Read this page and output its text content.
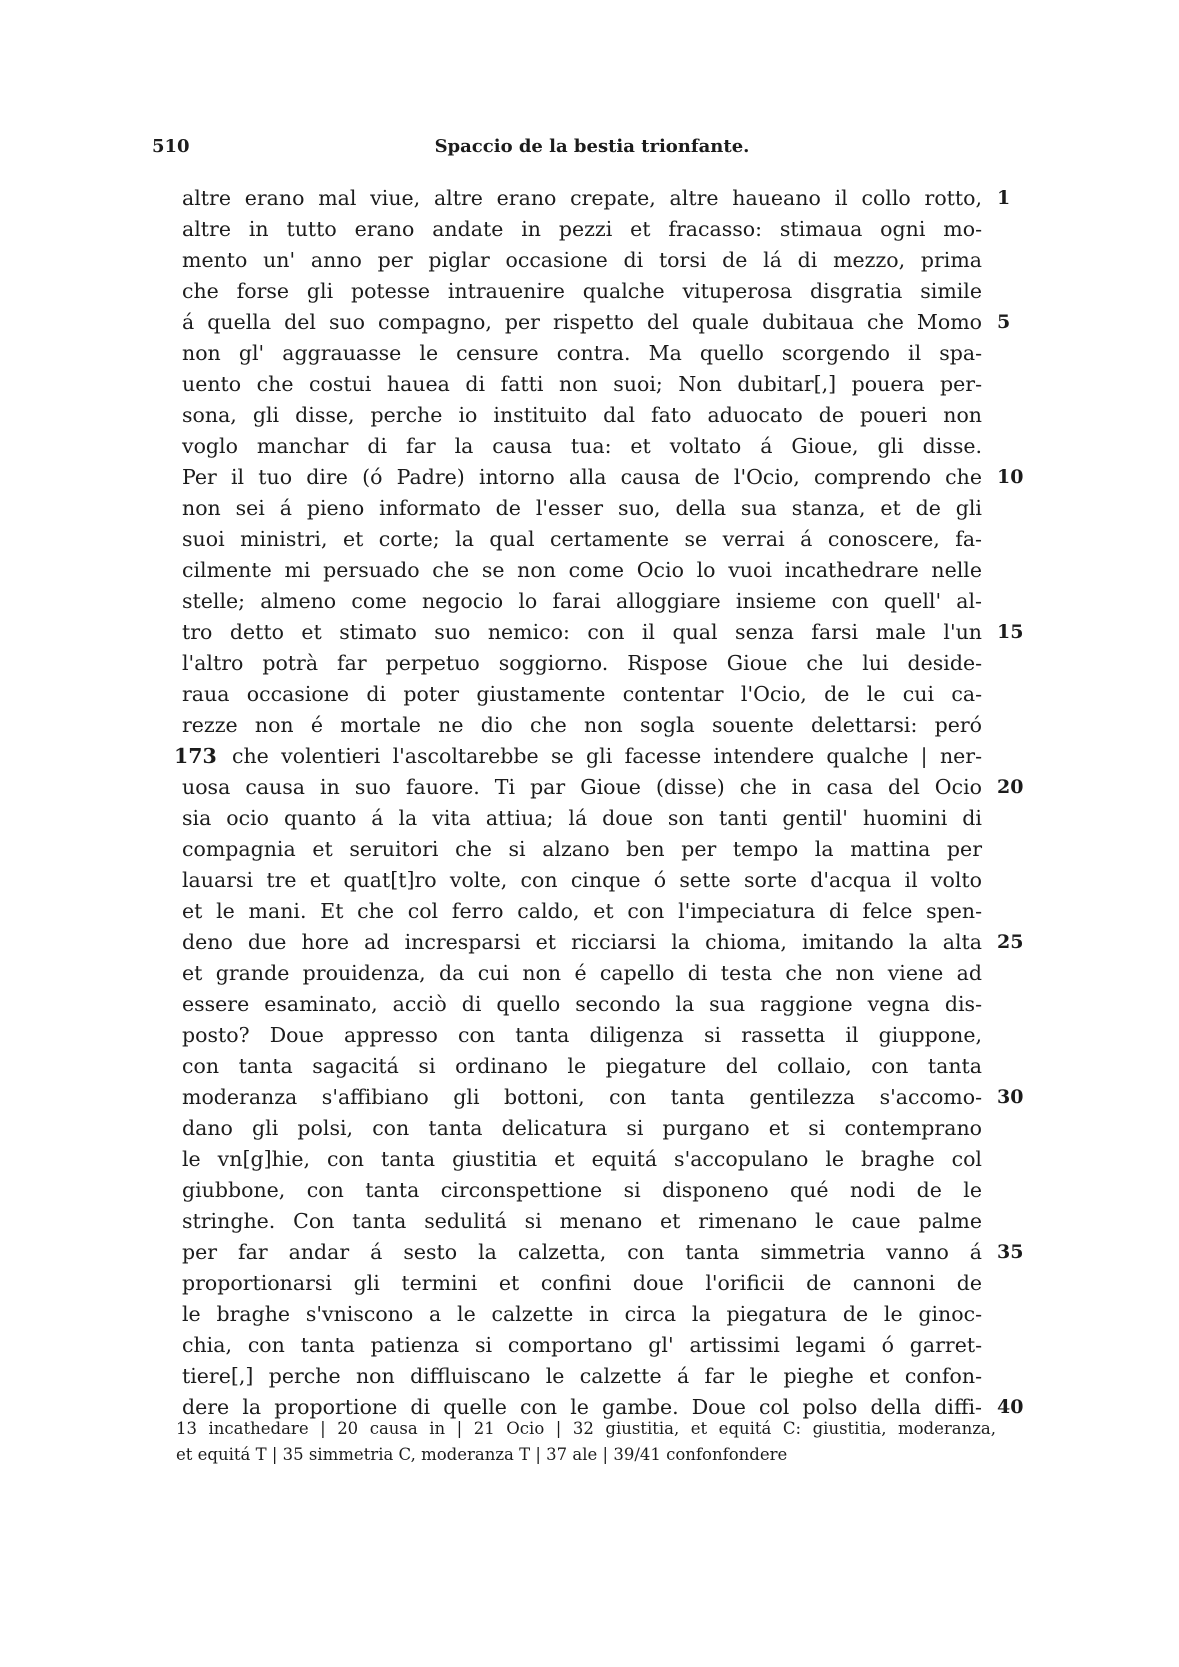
510	Spaccio de la bestia trionfante.
altre erano mal viue, altre erano crepate, altre haueano il collo rotto, 1
altre in tutto erano andate in pezzi et fracasso: stimaua ogni mo-
mento un' anno per piglar occasione di torsi de lá di mezzo, prima
che forse gli potesse intrauenire qualche vituperosa disgratia simile
á quella del suo compagno, per rispetto del quale dubitaua che Momo 5
non gl' aggrauasse le censure contra. Ma quello scorgendo il spa-
uento che costui hauea di fatti non suoi; Non dubitar[,] pouera per-
sona, gli disse, perche io instituito dal fato aduocato de poueri non
voglo manchar di far la causa tua: et voltato á Gioue, gli disse.
Per il tuo dire (ó Padre) intorno alla causa de l'Ocio, comprendo che 10
non sei á pieno informato de l'esser suo, della sua stanza, et de gli
suoi ministri, et corte; la qual certamente se verrai á conoscere, fa-
cilmente mi persuado che se non come Ocio lo vuoi incathedrare nelle
stelle; almeno come negocio lo farai alloggiare insieme con quell' al-
tro detto et stimato suo nemico: con il qual senza farsi male l'un 15
l'altro potrà far perpetuo soggiorno. Rispose Gioue che lui deside-
raua occasione di poter giustamente contentar l'Ocio, de le cui ca-
rezze non é mortale ne dio che non sogla souente delettarsi: peró
che volentieri l'ascoltarebbe se gli facesse intendere qualche | ner-
173
uosa causa in suo fauore. Ti par Gioue (disse) che in casa del Ocio 20
sia ocio quanto á la vita attiua; lá doue son tanti gentil' huomini di
compagnia et seruitori che si alzano ben per tempo la mattina per
lauarsi tre et quat[t]ro volte, con cinque ó sette sorte d'acqua il volto
et le mani. Et che col ferro caldo, et con l'impeciatura di felce spen-
deno due hore ad incresparsi et ricciarsi la chioma, imitando la alta 25
et grande prouidenza, da cui non é capello di testa che non viene ad
essere esaminato, acciò di quello secondo la sua raggione vegna dis-
posto? Doue appresso con tanta diligenza si rassetta il giuppone,
con tanta sagacitá si ordinano le piegature del collaio, con tanta
moderanza s'affibiano gli bottoni, con tanta gentilezza s'accomo- 30
dano gli polsi, con tanta delicatura si purgano et si contemprano
le vn[g]hie, con tanta giustitia et equitá s'accopulano le braghe col
giubbone, con tanta circonspettione si disponeno qué nodi de le
stringhe. Con tanta sedulitá si menano et rimenano le caue palme
per far andar á sesto la calzetta, con tanta simmetria vanno á 35
proportionarsi gli termini et confini doue l'orificii de cannoni de
le braghe s'vniscono a le calzette in circa la piegatura de le ginoc-
chia, con tanta patienza si comportano gl' artissimi legami ó garret-
tiere[,] perche non diffluiscano le calzette á far le pieghe et confon-
dere la proportione di quelle con le gambe. Doue col polso della diffi- 40
13 incathedare | 20 causa in | 21 Ocio | 32 giustitia, et equitá C: giustitia, moderanza,
et equitá T | 35 simmetria C, moderanza T | 37 ale | 39/41 confonfondere
